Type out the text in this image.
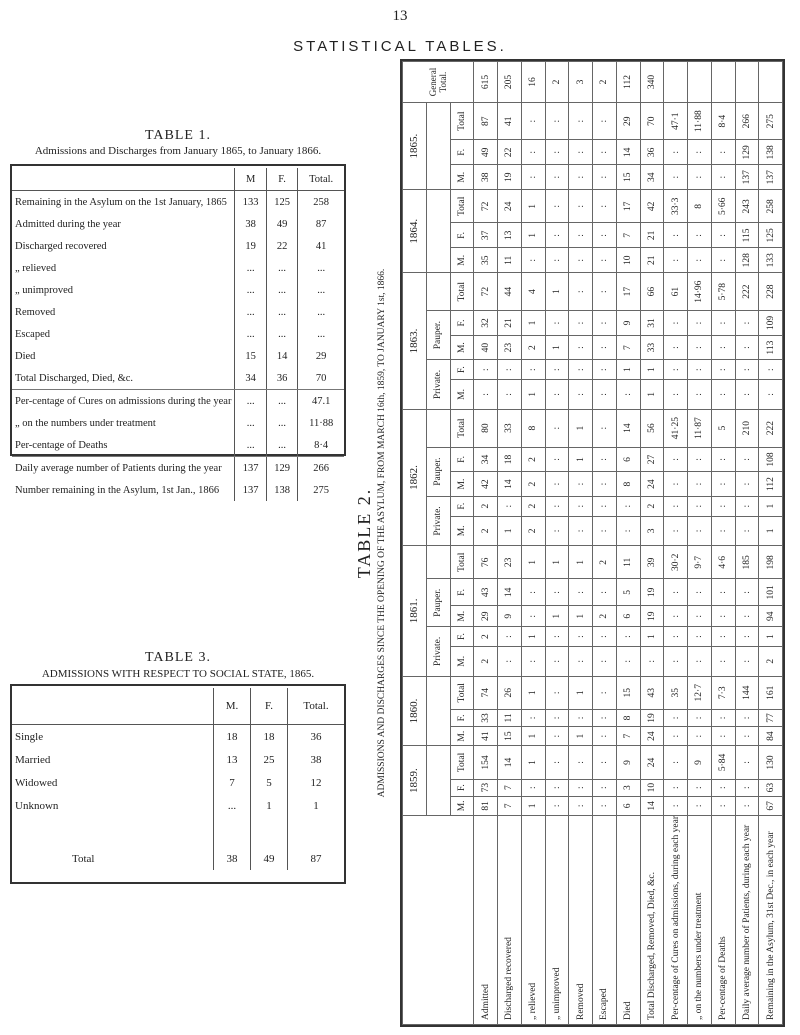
13
STATISTICAL TABLES.
TABLE 1.
Admissions and Discharges from January 1865, to January 1866.
	M	F.	Total.
Remaining in the Asylum on the 1st January, 1865	133	125	258
Admitted during the year	38	49	87
Discharged recovered	19	22	41
„ relieved	...	...	...
„ unimproved	...	...	...
Removed	...	...	...
Escaped	...	...	...
Died	15	14	29
Total Discharged, Died, &c.	34	36	70
Per-centage of Cures on admissions during the year	...	...	47.1
„ on the numbers under treatment	...	...	11·88
Per-centage of Deaths	...	...	8·4
Daily average number of Patients during the year	137	129	266
Number remaining in the Asylum, 1st Jan., 1866	137	138	275
TABLE 3.
ADMISSIONS WITH RESPECT TO SOCIAL STATE, 1865.
	M.	F.	Total.
Single	18	18	36
Married	13	25	38
Widowed	7	5	12
Unknown	...	1	1

Total	38	49	87
TABLE 2. ADMISSIONS AND DISCHARGES SINCE THE OPENING OF THE ASYLUM, FROM MARCH 16th, 1859, TO JANUARY 1st, 1866.
	1859.			1860.			1861.					1862.					1863.					1864.			1865.			General Total.
							Private.		Pauper.			Private.		Pauper.			Private.		Pauper.									
	M.	F.	Total	M.	F.	Total	M.	F.	M.	F.	Total	M.	F.	M.	F.	Total	M.	F.	M.	F.	Total	M.	F.	Total	M.	F.	Total	
Admitted	81	73	154	41	33	74	2	2	29	43	76	2	2	42	34	80	:	:	40	32	72	35	37	72	38	49	87	615
Discharged recovered	7	7	14	15	11	26	:	:	9	14	23	1	:	14	18	33	:	:	23	21	44	11	13	24	19	22	41	205
„ relieved	1	:	1	1	:	1	:	1	:	:	1	2	2	2	2	8	1	:	2	1	4	:	1	1	:	:	:	16
„ unimproved	:	:	:	:	:	:	:	:	1	:	1	:	:	:	:	:	:	:	1	:	1	:	:	:	:	:	:	2
Removed	:	:	:	1	:	1	:	:	1	:	1	:	:	:	1	1	:	:	:	:	:	:	:	:	:	:	:	3
Escaped	:	:	:	:	:	:	:	:	2	:	2	:	:	:	:	:	:	:	:	:	:	:	:	:	:	:	:	2
Died	6	3	9	7	8	15	:	:	6	5	11	:	:	8	6	14	:	1	7	9	17	10	7	17	15	14	29	112
Total Discharged, Removed, Died, &c.	14	10	24	24	19	43	:	1	19	19	39	3	2	24	27	56	1	1	33	31	66	21	21	42	34	36	70	340
Per-centage of Cures on admissions, during each year	:	:	:	:	:	35	:	:	:	:	30·2	:	:	:	:	41·25	:	:	:	:	61	:	:	33·3	:	:	47·1	
„ on the numbers under treatment	:	:	9	:	:	12·7	:	:	:	:	9·7	:	:	:	:	11·87	:	:	:	:	14·96	:	:	8	:	:	11·88	
Per-centage of Deaths	:	:	5·84	:	:	7·3	:	:	:	:	4·6	:	:	:	:	5	:	:	:	:	5·78	:	:	5·66	:	:	8·4	
Daily average number of Patients, during each year	:	:	:	:	:	144	:	:	:	:	185	:	:	:	:	210	:	:	:	:	222	128	115	243	137	129	266	
Remaining in the Asylum, 31st Dec., in each year	67	63	130	84	77	161	2	1	94	101	198	1	1	112	108	222	:	:	113	109	228	133	125	258	137	138	275	
